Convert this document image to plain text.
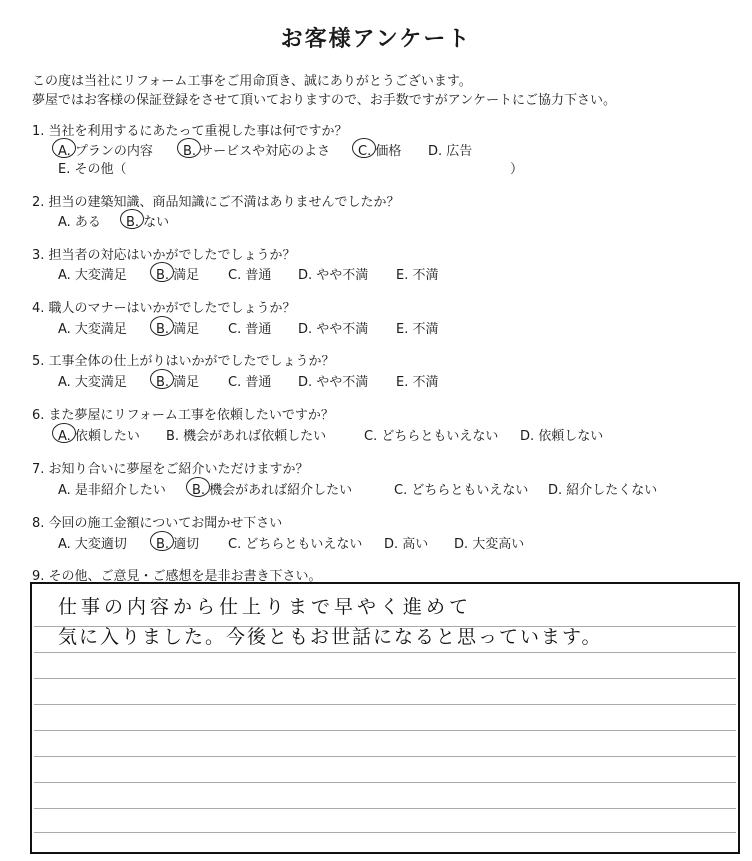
お客様アンケート
この度は当社にリフォーム工事をご用命頂き、誠にありがとうございます。
夢屋ではお客様の保証登録をさせて頂いておりますので、お手数ですがアンケートにご協力下さい。
1. 当社を利用するにあたって重視した事は何ですか？
A. プランの内容 B. サービスや対応のよさ C. 価格 D. 広告
E. その他（	）
2. 担当の建築知識、商品知識にご不満はありませんでしたか？
A. ある B. ない
3. 担当者の対応はいかがでしたでしょうか？
A. 大変満足 B. 満足 C. 普通 D. やや不満 E. 不満
4. 職人のマナーはいかがでしたでしょうか？
A. 大変満足 B. 満足 C. 普通 D. やや不満 E. 不満
5. 工事全体の仕上がりはいかがでしたでしょうか？
A. 大変満足 B. 満足 C. 普通 D. やや不満 E. 不満
6. また夢屋にリフォーム工事を依頼したいですか？
A. 依頼したい B. 機会があれば依頼したい	C. どちらともいえない D. 依頼しない
7. お知り合いに夢屋をご紹介いただけますか？
A. 是非紹介したい B. 機会があれば紹介したい	C. どちらともいえない D. 紹介したくない
8. 今回の施工金額についてお聞かせ下さい
A. 大変適切 B. 適切 C. どちらともいえない D. 高い D. 大変高い
9. その他、ご意見・ご感想を是非お書き下さい。
仕事の内容から仕上りまで早やく進めて
気に入りました。今後ともお世話になると思っています。
